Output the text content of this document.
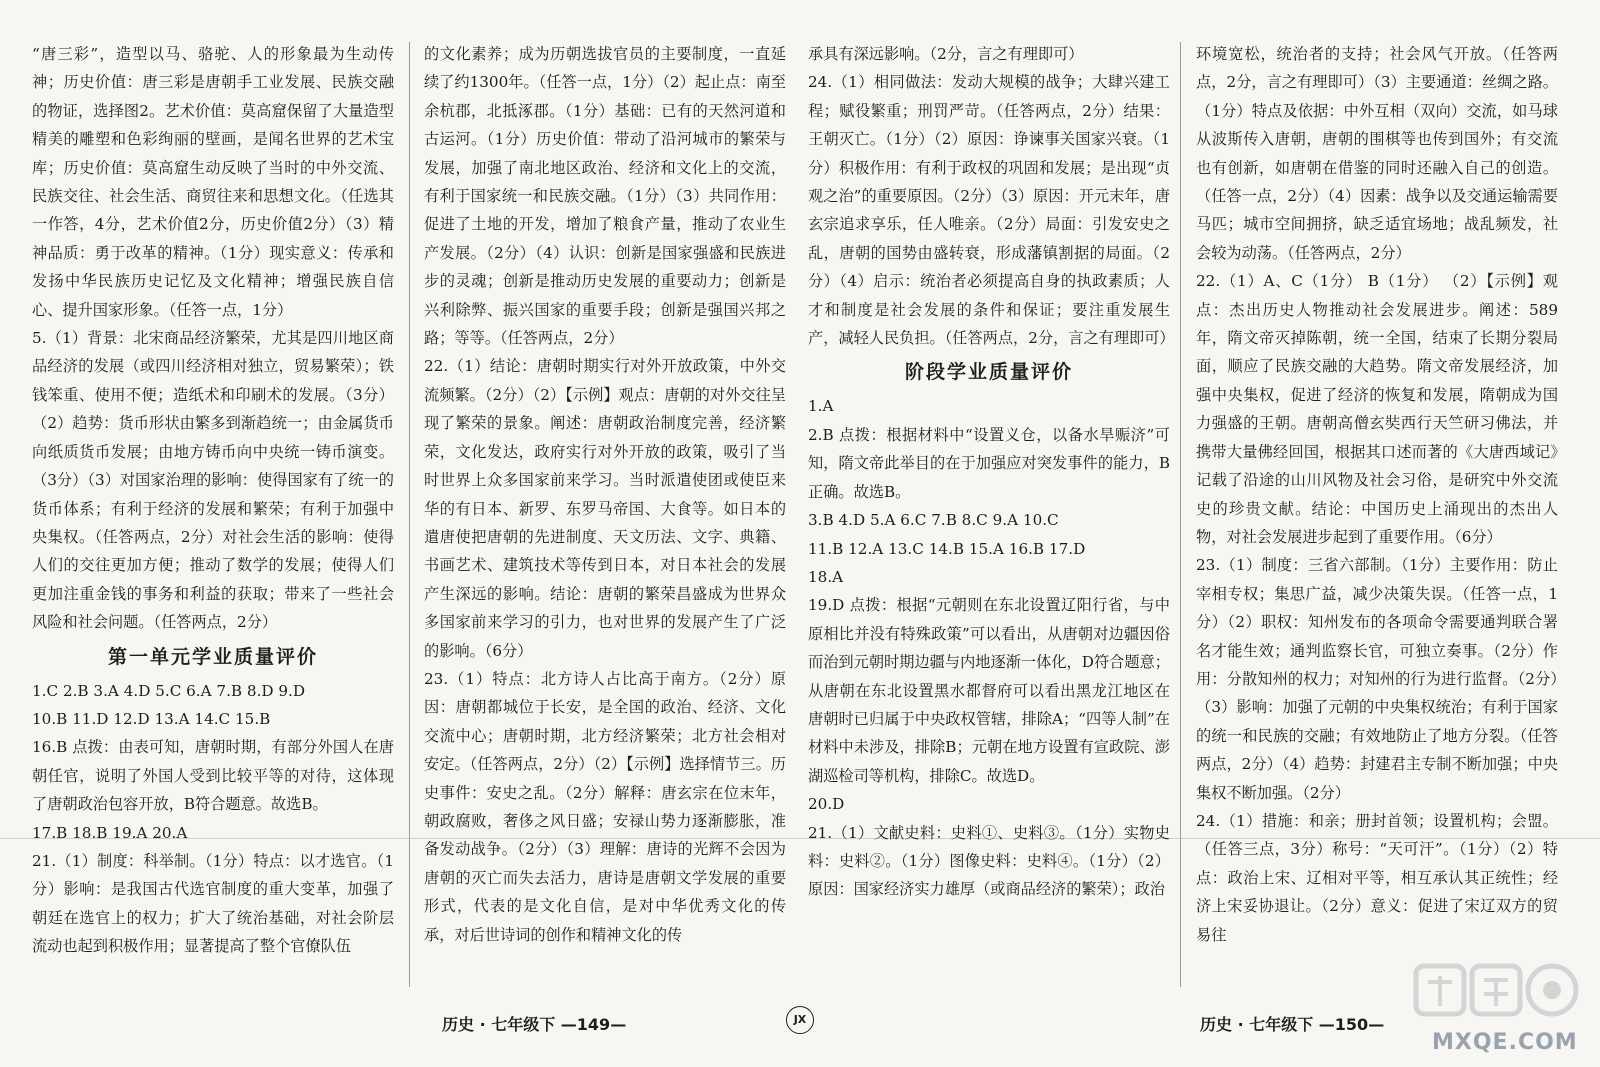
“唐三彩”，造型以马、骆驼、人的形象最为生动传神；历史价值：唐三彩是唐朝手工业发展、民族交融的物证，选择图2。艺术价值：莫高窟保留了大量造型精美的雕塑和色彩绚丽的壁画，是闻名世界的艺术宝库；历史价值：莫高窟生动反映了当时的中外交流、民族交往、社会生活、商贸往来和思想文化。（任选其一作答，4分，艺术价值2分，历史价值2分）（3）精神品质：勇于改革的精神。（1分）现实意义：传承和发扬中华民族历史记忆及文化精神；增强民族自信心、提升国家形象。（任答一点，1分）

5.（1）背景：北宋商品经济繁荣，尤其是四川地区商品经济的发展（或四川经济相对独立，贸易繁荣）；铁钱笨重、使用不便；造纸术和印刷术的发展。（3分）（2）趋势：货币形状由繁多到渐趋统一；由金属货币向纸质货币发展；由地方铸币向中央统一铸币演变。（3分）（3）对国家治理的影响：使得国家有了统一的货币体系；有利于经济的发展和繁荣；有利于加强中央集权。（任答两点，2分）对社会生活的影响：使得人们的交往更加方便；推动了数学的发展；使得人们更加注重金钱的事务和利益的获取；带来了一些社会风险和社会问题。（任答两点，2分）

第一单元学业质量评价

1.C 2.B 3.A 4.D 5.C 6.A 7.B 8.D 9.D

10.B 11.D 12.D 13.A 14.C 15.B

16.B 点拨：由表可知，唐朝时期，有部分外国人在唐朝任官，说明了外国人受到比较平等的对待，这体现了唐朝政治包容开放，B符合题意。故选B。

17.B 18.B 19.A 20.A

21.（1）制度：科举制。（1分）特点：以才选官。（1分）影响：是我国古代选官制度的重大变革，加强了朝廷在选官上的权力；扩大了统治基础，对社会阶层流动也起到积极作用；显著提高了整个官僚队伍

的文化素养；成为历朝选拔官员的主要制度，一直延续了约1300年。（任答一点，1分）（2）起止点：南至余杭郡，北抵涿郡。（1分）基础：已有的天然河道和古运河。（1分）历史价值：带动了沿河城市的繁荣与发展，加强了南北地区政治、经济和文化上的交流，有利于国家统一和民族交融。（1分）（3）共同作用：促进了土地的开发，增加了粮食产量，推动了农业生产发展。（2分）（4）认识：创新是国家强盛和民族进步的灵魂；创新是推动历史发展的重要动力；创新是兴利除弊、振兴国家的重要手段；创新是强国兴邦之路；等等。（任答两点，2分）

22.（1）结论：唐朝时期实行对外开放政策，中外交流频繁。（2分）（2）【示例】观点：唐朝的对外交往呈现了繁荣的景象。阐述：唐朝政治制度完善，经济繁荣，文化发达，政府实行对外开放的政策，吸引了当时世界上众多国家前来学习。当时派遣使团或使臣来华的有日本、新罗、东罗马帝国、大食等。如日本的遣唐使把唐朝的先进制度、天文历法、文字、典籍、书画艺术、建筑技术等传到日本，对日本社会的发展产生深远的影响。结论：唐朝的繁荣昌盛成为世界众多国家前来学习的引力，也对世界的发展产生了广泛的影响。（6分）

23.（1）特点：北方诗人占比高于南方。（2分）原因：唐朝都城位于长安，是全国的政治、经济、文化交流中心；唐朝时期，北方经济繁荣；北方社会相对安定。（任答两点，2分）（2）【示例】选择情节三。历史事件：安史之乱。（2分）解释：唐玄宗在位末年，朝政腐败，奢侈之风日盛；安禄山势力逐渐膨胀，准备发动战争。（2分）（3）理解：唐诗的光辉不会因为唐朝的灭亡而失去活力，唐诗是唐朝文学发展的重要形式，代表的是文化自信，是对中华优秀文化的传承，对后世诗词的创作和精神文化的传

承具有深远影响。（2分，言之有理即可）

24.（1）相同做法：发动大规模的战争；大肆兴建工程；赋役繁重；刑罚严苛。（任答两点，2分）结果：王朝灭亡。（1分）（2）原因：诤谏事关国家兴衰。（1分）积极作用：有利于政权的巩固和发展；是出现“贞观之治”的重要原因。（2分）（3）原因：开元末年，唐玄宗追求享乐，任人唯亲。（2分）局面：引发安史之乱，唐朝的国势由盛转衰，形成藩镇割据的局面。（2分）（4）启示：统治者必须提高自身的执政素质；人才和制度是社会发展的条件和保证；要注重发展生产，减轻人民负担。（任答两点，2分，言之有理即可）

阶段学业质量评价

1.A

2.B 点拨：根据材料中“设置义仓，以备水旱赈济”可知，隋文帝此举目的在于加强应对突发事件的能力，B正确。故选B。

3.B 4.D 5.A 6.C 7.B 8.C 9.A 10.C

11.B 12.A 13.C 14.B 15.A 16.B 17.D

18.A

19.D 点拨：根据“元朝则在东北设置辽阳行省，与中原相比并没有特殊政策”可以看出，从唐朝对边疆因俗而治到元朝时期边疆与内地逐渐一体化，D符合题意；从唐朝在东北设置黑水都督府可以看出黑龙江地区在唐朝时已归属于中央政权管辖，排除A；“四等人制”在材料中未涉及，排除B；元朝在地方设置有宣政院、澎湖巡检司等机构，排除C。故选D。

20.D

21.（1）文献史料：史料①、史料③。（1分）实物史料：史料②。（1分）图像史料：史料④。（1分）（2）原因：国家经济实力雄厚（或商品经济的繁荣）；政治

环境宽松，统治者的支持；社会风气开放。（任答两点，2分，言之有理即可）（3）主要通道：丝绸之路。（1分）特点及依据：中外互相（双向）交流，如马球从波斯传入唐朝，唐朝的围棋等也传到国外；有交流也有创新，如唐朝在借鉴的同时还融入自己的创造。（任答一点，2分）（4）因素：战争以及交通运输需要马匹；城市空间拥挤，缺乏适宜场地；战乱频发，社会较为动荡。（任答两点，2分）

22.（1）A、C（1分） B（1分） （2）【示例】观点：杰出历史人物推动社会发展进步。阐述：589年，隋文帝灭掉陈朝，统一全国，结束了长期分裂局面，顺应了民族交融的大趋势。隋文帝发展经济，加强中央集权，促进了经济的恢复和发展，隋朝成为国力强盛的王朝。唐朝高僧玄奘西行天竺研习佛法，并携带大量佛经回国，根据其口述而著的《大唐西域记》记载了沿途的山川风物及社会习俗，是研究中外交流史的珍贵文献。结论：中国历史上涌现出的杰出人物，对社会发展进步起到了重要作用。（6分）

23.（1）制度：三省六部制。（1分）主要作用：防止宰相专权；集思广益，减少决策失误。（任答一点，1分）（2）职权：知州发布的各项命令需要通判联合署名才能生效；通判监察长官，可独立奏事。（2分）作用：分散知州的权力；对知州的行为进行监督。（2分）（3）影响：加强了元朝的中央集权统治；有利于国家的统一和民族的交融；有效地防止了地方分裂。（任答两点，2分）（4）趋势：封建君主专制不断加强；中央集权不断加强。（2分）

24.（1）措施：和亲；册封首领；设置机构；会盟。（任答三点，3分）称号：“天可汗”。（1分）（2）特点：政治上宋、辽相对平等，相互承认其正统性；经济上宋妥协退让。（2分）意义：促进了宋辽双方的贸易往

历史 · 七年级下 —149—	JX	历史 · 七年级下 —150—
MXQE.COM
